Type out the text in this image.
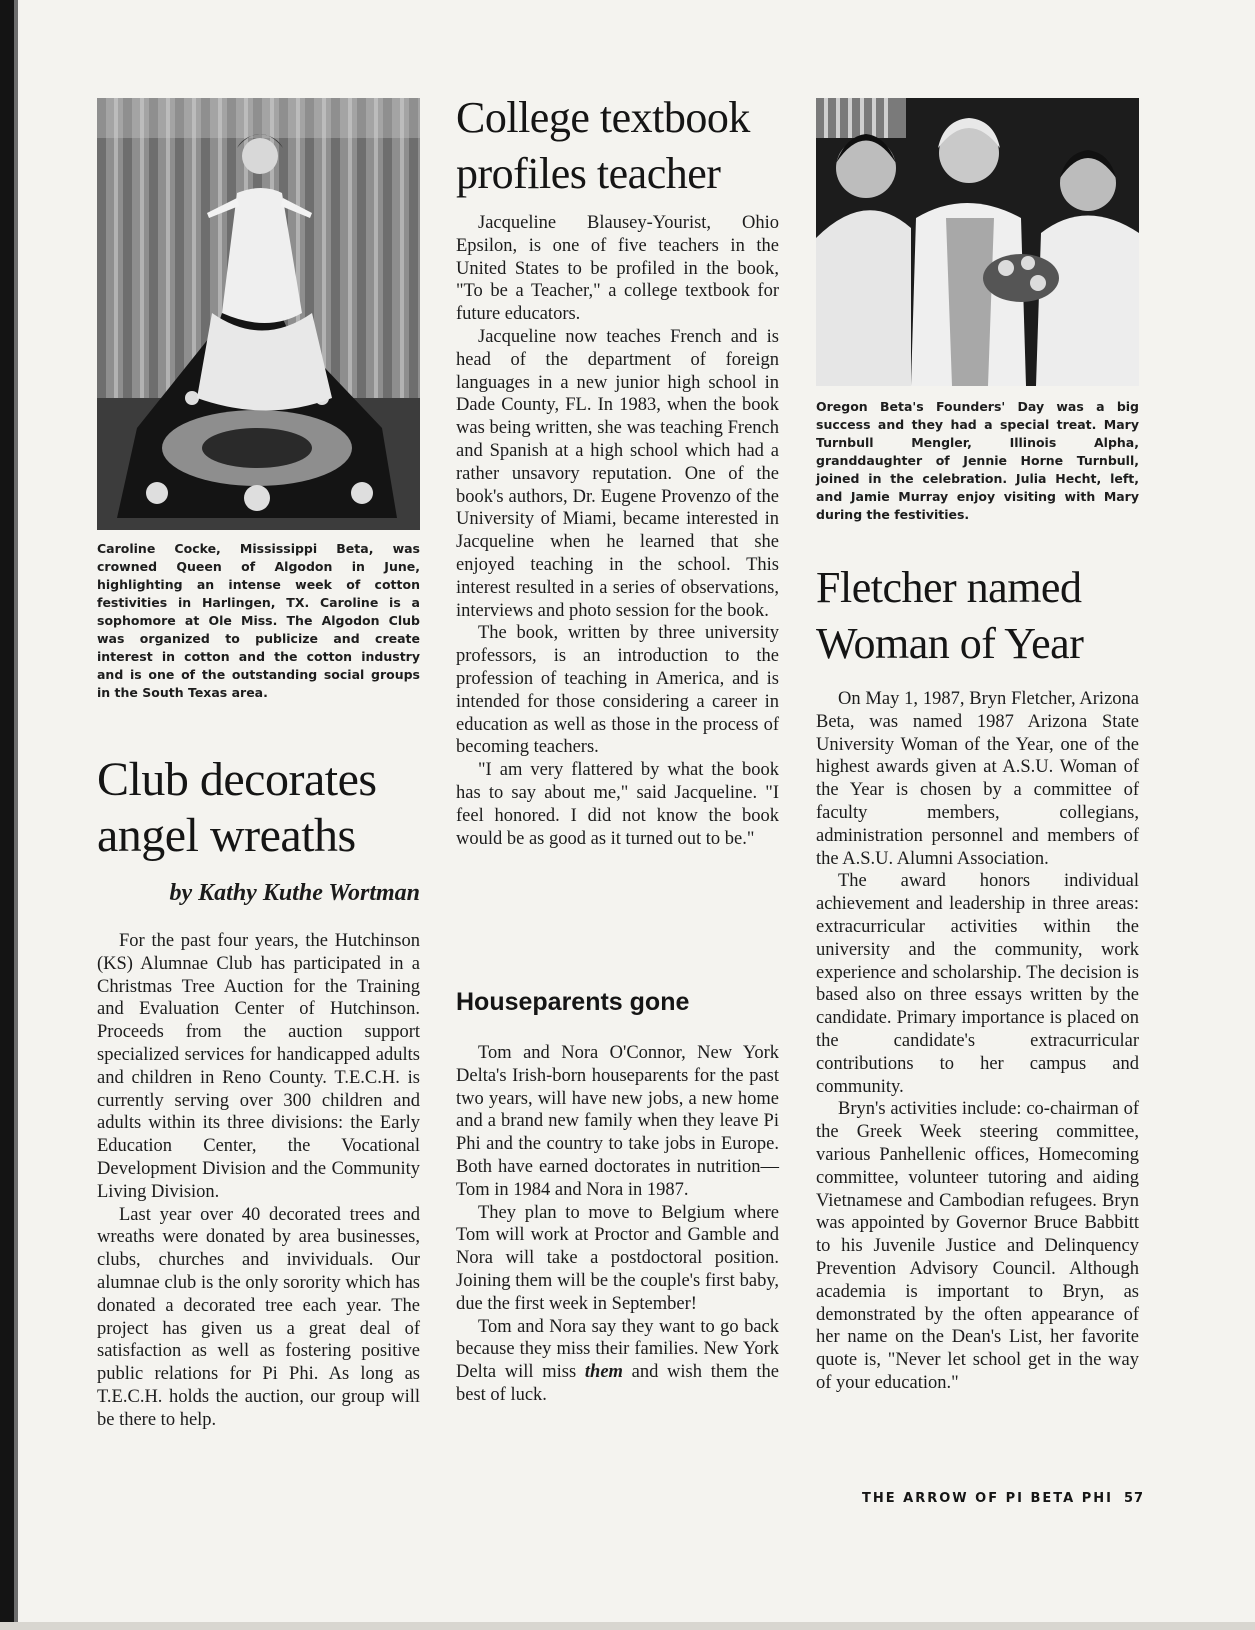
Caroline Cocke, Mississippi Beta, was crowned Queen of Algodon in June, highlighting an intense week of cotton festivities in Harlingen, TX. Caroline is a sophomore at Ole Miss. The Algodon Club was organized to publicize and create interest in cotton and the cotton industry and is one of the outstanding social groups in the South Texas area.

Club decorates angel wreaths

by Kathy Kuthe Wortman

For the past four years, the Hutchinson (KS) Alumnae Club has participated in a Christmas Tree Auction for the Training and Evaluation Center of Hutchinson. Proceeds from the auction support specialized services for handicapped adults and children in Reno County. T.E.C.H. is currently serving over 300 children and adults within its three divisions: the Early Education Center, the Vocational Development Division and the Community Living Division.

Last year over 40 decorated trees and wreaths were donated by area businesses, clubs, churches and invividuals. Our alumnae club is the only sorority which has donated a decorated tree each year. The project has given us a great deal of satisfaction as well as fostering positive public relations for Pi Phi. As long as T.E.C.H. holds the auction, our group will be there to help.

College textbook profiles teacher

Jacqueline Blausey-Yourist, Ohio Epsilon, is one of five teachers in the United States to be profiled in the book, "To be a Teacher," a college textbook for future educators.

Jacqueline now teaches French and is head of the department of foreign languages in a new junior high school in Dade County, FL. In 1983, when the book was being written, she was teaching French and Spanish at a high school which had a rather unsavory reputation. One of the book's authors, Dr. Eugene Provenzo of the University of Miami, became interested in Jacqueline when he learned that she enjoyed teaching in the school. This interest resulted in a series of observations, interviews and photo session for the book.

The book, written by three university professors, is an introduction to the profession of teaching in America, and is intended for those considering a career in education as well as those in the process of becoming teachers.

"I am very flattered by what the book has to say about me," said Jacqueline. "I feel honored. I did not know the book would be as good as it turned out to be."

Houseparents gone

Tom and Nora O'Connor, New York Delta's Irish-born houseparents for the past two years, will have new jobs, a new home and a brand new family when they leave Pi Phi and the country to take jobs in Europe. Both have earned doctorates in nutrition—Tom in 1984 and Nora in 1987.

They plan to move to Belgium where Tom will work at Proctor and Gamble and Nora will take a postdoctoral position. Joining them will be the couple's first baby, due the first week in September!

Tom and Nora say they want to go back because they miss their families. New York Delta will miss them and wish them the best of luck.

Oregon Beta's Founders' Day was a big success and they had a special treat. Mary Turnbull Mengler, Illinois Alpha, granddaughter of Jennie Horne Turnbull, joined in the celebration. Julia Hecht, left, and Jamie Murray enjoy visiting with Mary during the festivities.

Fletcher named Woman of Year

On May 1, 1987, Bryn Fletcher, Arizona Beta, was named 1987 Arizona State University Woman of the Year, one of the highest awards given at A.S.U. Woman of the Year is chosen by a committee of faculty members, collegians, administration personnel and members of the A.S.U. Alumni Association.

The award honors individual achievement and leadership in three areas: extracurricular activities within the university and the community, work experience and scholarship. The decision is based also on three essays written by the candidate. Primary importance is placed on the candidate's extracurricular contributions to her campus and community.

Bryn's activities include: co-chairman of the Greek Week steering committee, various Panhellenic offices, Homecoming committee, volunteer tutoring and aiding Vietnamese and Cambodian refugees. Bryn was appointed by Governor Bruce Babbitt to his Juvenile Justice and Delinquency Prevention Advisory Council. Although academia is important to Bryn, as demonstrated by the often appearance of her name on the Dean's List, her favorite quote is, "Never let school get in the way of your education."

THE ARROW OF PI BETA PHI 57
